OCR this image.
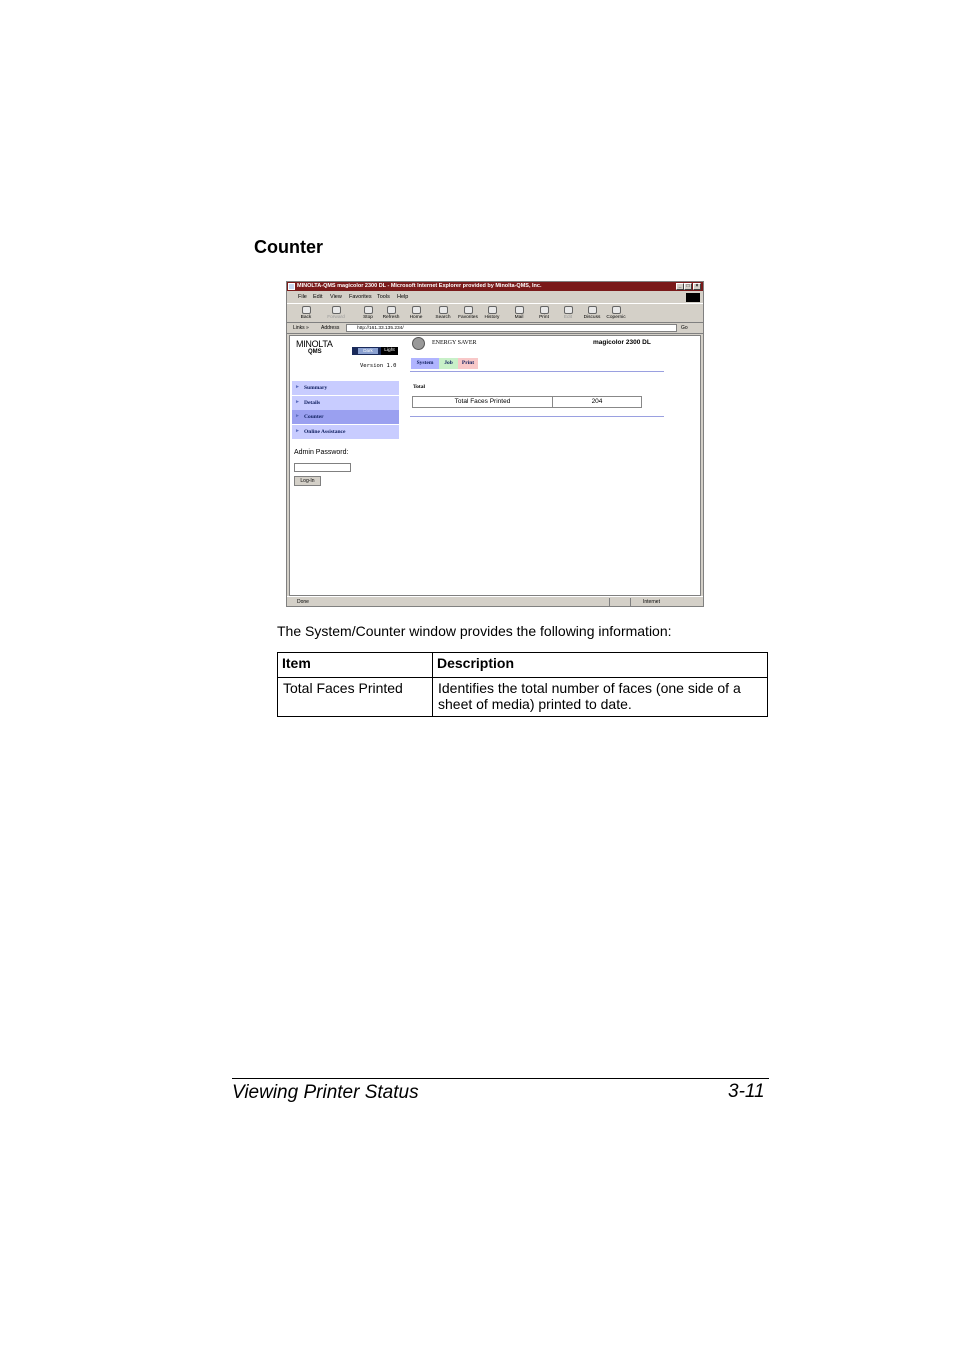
Counter
MINOLTA-QMS magicolor 2300 DL - Microsoft Internet Explorer provided by Minolta-QMS, Inc.	_	□	×
File Edit View Favorites Tools Help
Back	Forward	Stop	Refresh	Home	Search	Favorites	History	Mail	Print	Edit	Discuss	Copernic
Links » Address	http://161.33.135.234/	Go
MINOLTA
QMS	Dark	Light
Version 1.0
► Summary
► Details
► Counter
► Online Assistance
Admin Password:
Log-In
ENERGY SAVER	magicolor 2300 DL
System	Job	Print
Total
Total Faces Printed	204
Done	Internet
The System/Counter window provides the following information:
Item	Description
Total Faces Printed	Identifies the total number of faces (one side of a sheet of media) printed to date.
Viewing Printer Status	3-11
